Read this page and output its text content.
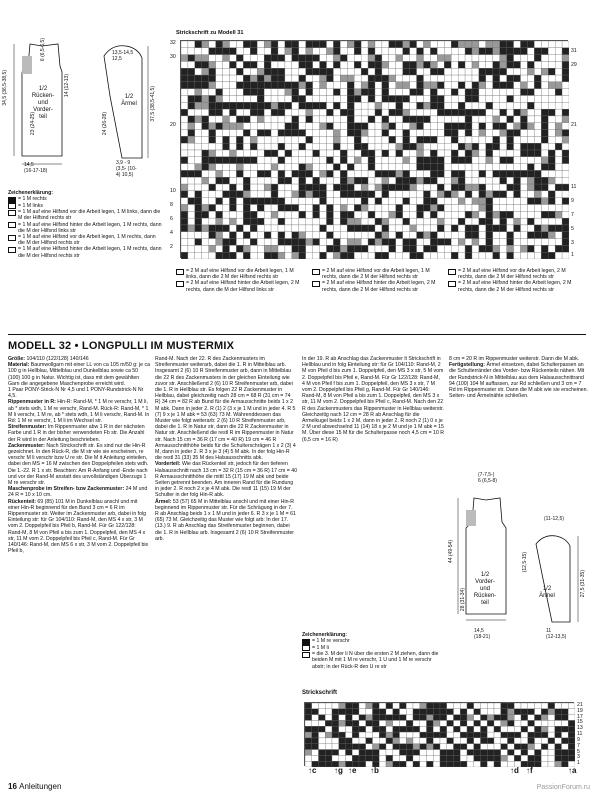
1/2 Rücken- und Vorder- teil
14,5
(16-17-18)
34,5 (36,5-38,5)
6 (6,5-6,5)
23 (24-25)
14 (12-13)
13,5-14,5
12,5
1/2 Ärmel	37,5 (38,5-41,5)
24 (26-28)
3,9 - 9
(3,5- (10-
4) 10,5)
Zeichenerklärung:
= 1 M rechts
= 1 M links
= 1 M auf eine Hilfsnd vor die Arbeit legen, 1 M links, dann die M der Hilfsnd rechts str
= 1 M auf eine Hilfsnd hinter die Arbeit legen, 1 M rechts, dann die M der Hilfsnd links str
= 1 M auf eine Hilfsnd vor die Arbeit legen, 1 M rechts, dann die M der Hilfsnd rechts str
= 1 M auf eine Hilfsnd hinter die Arbeit legen, 1 M rechts, dann die M der Hilfsnd rechts str
Strickschrift zu Modell 31
32
30
20
10
8
6
4
2
31
29
21
11
9
7
5
3
1
= 2 M auf eine Hilfsnd vor die Arbeit legen, 1 M links, dann die 2 M der Hilfsnd rechts str
= 2 M auf eine Hilfsnd hinter die Arbeit legen, 2 M rechts, dann die M der Hilfsnd links str
= 2 M auf eine Hilfsnd vor die Arbeit legen, 1 M rechts, dann die 2 M der Hilfsnd rechts str
= 2 M auf eine Hilfsnd hinter die Arbeit legen, 2 M rechts, dann die 2 M der Hilfsnd rechts str
= 2 M auf eine Hilfsnd vor die Arbeit legen, 2 M rechts, dann die 2 M der Hilfsnd rechts str
= 2 M auf eine Hilfsnd hinter die Arbeit legen, 2 M rechts, dann die 2 M der Hilfsnd rechts str
MODELL 32 • LONGPULLI IM MUSTERMIX

Größe: 104/110 (122/128) 140/146

Material: Baumwollgarn mit einer LL von ca 105 m/50 g: je ca 100 g in Hellblau, Mittelblau und Dunkelblau sowie ca 50 (100) 100 g in Natur. Wichtig ist, dass mit dem gewählten Garn die angegebene Maschenprobe erreicht wird.

1 Paar PONY-Strick-N Nr 4,5 und 1 PONY-Rundstrick-N Nr 4,5.

Rippenmuster in R: Hin-R: Rand-M, * 1 M re verschr, 1 M li, ab * stets wdh, 1 M re verschr, Rand-M. Rück-R: Rand-M, * 1 M li verschr, 1 M re, ab * stets wdh, 1 M li verschr, Rand-M. In Rd: 1 M re verschr, 1 M li im Wechsel str.

Streifenmuster: Im Rippenmuster abw 1 R in der nächsten Farbe und 1 R in der bisher verwendeten Fb str. Die Anzahl der R wird in der Anleitung beschrieben.

Zackenmuster: Nach Strickschrift str. Es sind nur die Hin-R gezeichnet. In den Rück-R, die M str wie sie erscheinen, re verschr M li verschr bzw U re str. Die M it Anleitung einteilen, dabei den MS = 16 M zwischen den Doppelpfeilen stets wdh. Die 1.-22. R 1 x str. Beachten: Am R-Anfang und -Ende nach und vor der Rand-M anstatt des unvollständigen Überzugs 1 M re verschr str.

Maschenprobe im Streifen- bzw Zackenmuster: 24 M und 24 R = 10 x 10 cm.

Rückenteil: 69 (85) 101 M in Dunkelblau anschl und mit einer Hin-R beginnend für den Bund 3 cm = 6 R im Rippenmuster str. Weiter im Zackenmuster arb, dabei in folg Einteilung str: für Gr 104/110: Rand-M, den MS 4 x str, 3 M vom 2. Doppelpfeil bis Pfeil b, Rand-M. Für Gr 122/128: Rand-M, 8 M von Pfeil a bis zum 1. Doppelpfeil, den MS 4 x str, 11 M vom 2. Doppelpfeil bis Pfeil c, Rand-M. Für Gr 140/146: Rand-M, den MS 6 x str, 3 M vom 2. Doppelpfeil bis Pfeil b,

Rand-M. Nach der 22. R des Zackenmusters im Streifenmuster weiterarb, dabei die 1. R in Mittelblau arb. Insgesamt 2 (6) 10 R Streifenmuster arb, dann in Mittelblau die 22 R des Zackenmusters in der gleichen Einteilung wie zuvor str. Anschließend 2 (6) 10 R Streifenmuster arb, dabei die 1. R in Hellblau str. Es folgen 22 R Zackenmuster in Hellblau, dabei gleichzeitig nach 28 cm = 68 R (31 cm = 74 R) 34 cm = 82 R ab Bund für die Armausschnitte beids 1 x 2 M abk. Dann in jeder 2. R (1) 2 (3 x je 1 M und in jeder 4. R 5 (7) 9 x je 1 M abk = 53 (63) 73 M. Währenddessen das Muster wie folgt weiterarb: 2 (6) 10 R Streifenmuster arb, dabei die 1. R in Natur str, dann die 22 R Zackenmuster in Natur str. Anschließend die restl R im Rippenmuster in Natur str. Nach 15 cm = 36 R (17 cm = 40 R) 19 cm = 46 R Armausschnitthöhe beids für die Schulterschrägen 1 x 2 (3) 4 M, dann in jeder 2. R 3 x je 3 (4) 5 M abk. In der folg Hin-R die restl 31 (33) 35 M des Halsausschnitts abk.

Vorderteil: Wie das Rückenteil str, jedoch für den tieferen Halsausschnitt nach 13 cm = 32 R (15 cm = 36 R) 17 cm = 40 R Armausschnitthöhe die mittl 15 (17) 19 M abk und beide Seiten getrennt beenden. Am inneren Rand für die Rundung in jeder 2. R noch 2 x je 4 M abk. Die restl 11 (15) 19 M der Schulter in der folg Hin-R abk.

Ärmel: 53 (57) 65 M in Mittelblau anschl und mit einer Hin-R beginnend im Rippenmuster str. Für die Schrägung in der 7. R ab Anschlag beids 1 x 1 M und in jeder 6. R 3 x je 1 M = 61 (65) 73 M. Gleichzeitig das Muster wie folgt arb: In der 17. (13.) 9. R ab Anschlag das Streifenmuster beginnen, dabei die 1. R in Hellblau arb. Insgesamt 2 (6) 10 R Streifenmuster arb.

In der 19. R ab Anschlag das Zackenmuster lt Strickschrift in Hellblau und in folg Einteilung str: für Gr 104/110: Rand-M, 2 M von Pfeil d bis zum 1. Doppelpfeil, den MS 3 x str, 5 M vom 2. Doppelpfeil bis Pfeil e, Rand-M. Für Gr 122/128: Rand-M, 4 M von Pfeil f bis zum 1. Doppelpfeil, den MS 3 x str, 7 M vom 2. Doppelpfeil bis Pfeil g, Rand-M. Für Gr 140/146: Rand-M, 8 M von Pfeil a bis zum 1. Doppelpfeil, den MS 3 x str, 11 M vom 2. Doppelpfeil bis Pfeil c, Rand-M. Nach den 22 R des Zackenmusters das Rippenmuster in Hellblau weiterstr. Gleichzeitig nach 12 cm = 28 R ab Anschlag für die Armelkugel beids 1 x 2 M, dann in jeder 2. R noch 2 (1) 0 x je 2 M und abwechselnd 11 (14) 18 x je 2 M und je 1 M abk = 15 M. Über diese 15 M für die Schulterpasse noch 4,5 cm = 10 R (6,5 cm = 16 R)

8 cm = 20 R im Rippenmuster weiterstr. Dann die M abk.

Fertigstellung: Ärmel einsetzen, dabei Schulterpassen an die Schulterränder des Vorder- bzw Rückenteils nähen. Mit der Rundstrick-N in Mittelblau aus dem Halsausschnittrand 94 (100) 104 M auffassen, zur Rd schließen und 3 cm = 7 Rd im Rippenmuster str. Dann die M abk wie sie erscheinen. Seiten- und Ärmelnähte schließen.

Zeichenerklärung:
= 1 M re verschr
= 1 M li
= die 3. M der li N über die ersten 2 M ziehen, dann die beiden M mit 1 M re verschr, 1 U und 1 M re verschr abstr; in der Rück-R den U re str
1/2 Vorder- und Rücken- teil
(7-7,5-)
6 (6,5-8)
44 (49-54)
28 (31-34)
14,5
(18-21)
(11-12,5)
1/2 Ärmel	27,5 (31-35)
(12,5-15)
11
(12-13,5)
Strickschrift
21
19
17
15
13
11
9
7
5
3
1
↑c ↑g ↑e ↑b	↑d ↑f	↑a
16 Anleitungen	PassionForum.ru
